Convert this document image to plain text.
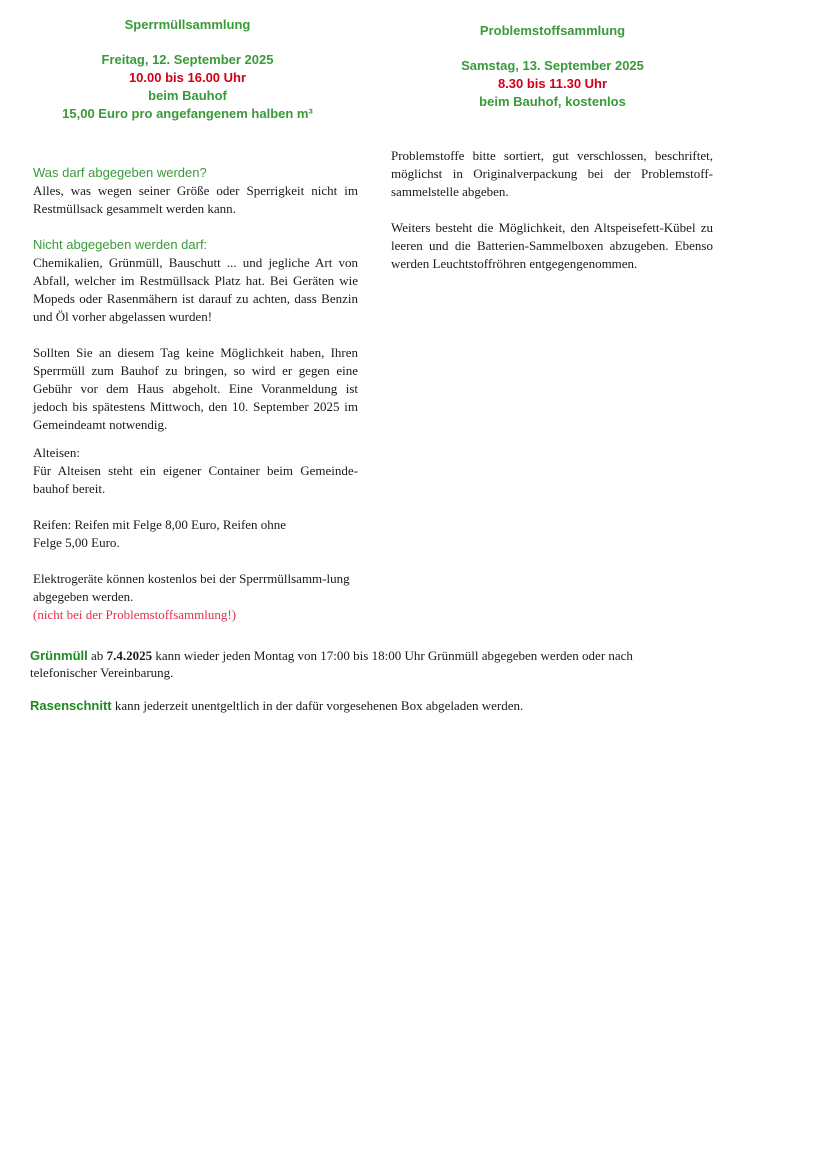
Sperrmüllsammlung
Freitag, 12. September 2025
10.00 bis 16.00 Uhr
beim Bauhof
15,00 Euro pro angefangenem halben m³
Problemstoffsammlung
Samstag, 13. September 2025
8.30 bis 11.30 Uhr
beim Bauhof, kostenlos

Was darf abgegeben werden?

Alles, was wegen seiner Größe oder Sperrigkeit nicht im Restmüllsack gesammelt werden kann.

Nicht abgegeben werden darf:

Chemikalien, Grünmüll, Bauschutt ... und jegliche Art von Abfall, welcher im Restmüllsack Platz hat. Bei Geräten wie Mopeds oder Rasenmähern ist darauf zu achten, dass Benzin und Öl vorher abgelassen wurden!

Sollten Sie an diesem Tag keine Möglichkeit haben, Ihren Sperrmüll zum Bauhof zu bringen, so wird er gegen eine Gebühr vor dem Haus abgeholt. Eine Voranmeldung ist jedoch bis spätestens Mittwoch, den 10. September 2025 im Gemeindeamt notwendig.

Alteisen:

Für Alteisen steht ein eigener Container beim Gemeinde-bauhof bereit.

Reifen: Reifen mit Felge 8,00 Euro, Reifen ohne

Felge 5,00 Euro.

Elektrogeräte können kostenlos bei der Sperrmüllsamm-lung abgegeben werden.

(nicht bei der Problemstoffsammlung!)

Problemstoffe bitte sortiert, gut verschlossen, beschriftet, möglichst in Originalverpackung bei der Problemstoff-sammelstelle abgeben.

Weiters besteht die Möglichkeit, den Altspeisefett-Kübel zu leeren und die Batterien-Sammelboxen abzugeben. Ebenso werden Leuchtstoffröhren entgegengenommen.

Grünmüll ab 7.4.2025 kann wieder jeden Montag von 17:00 bis 18:00 Uhr Grünmüll abgegeben werden oder nach telefonischer Vereinbarung.
Rasenschnitt kann jederzeit unentgeltlich in der dafür vorgesehenen Box abgeladen werden.
